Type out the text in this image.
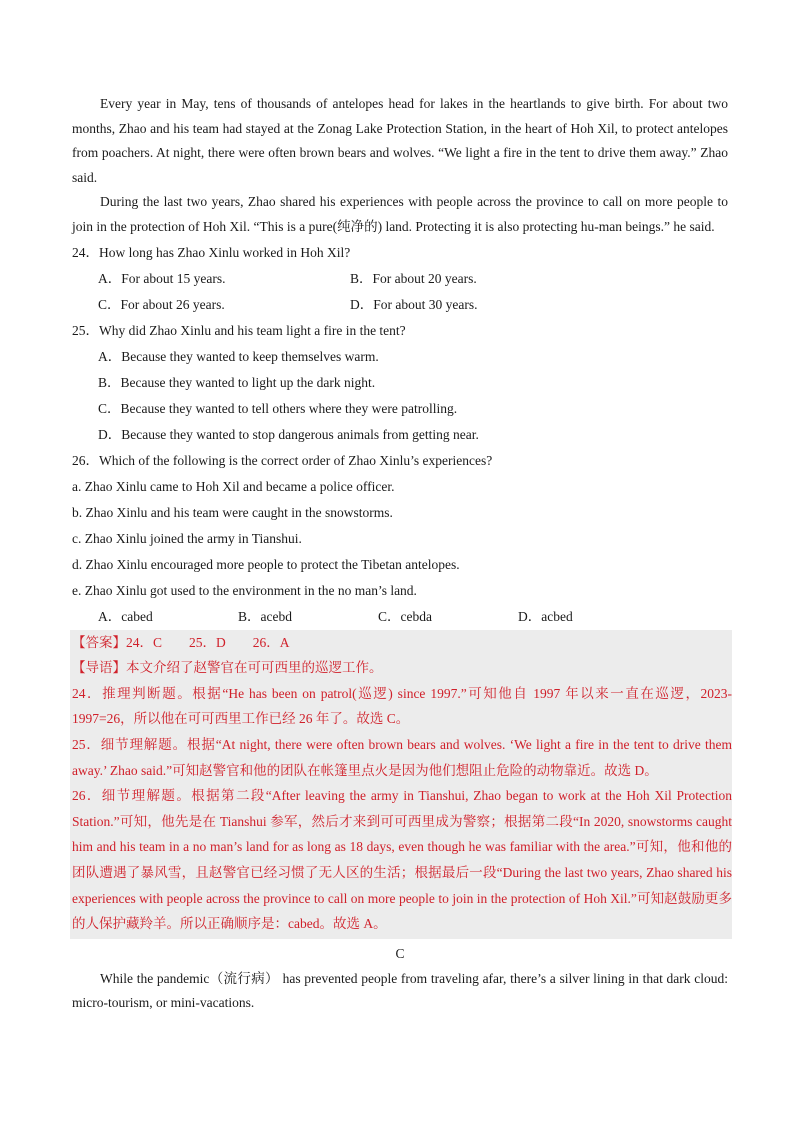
Every year in May, tens of thousands of antelopes head for lakes in the heartlands to give birth. For about two months, Zhao and his team had stayed at the Zonag Lake Protection Station, in the heart of Hoh Xil, to protect antelopes from poachers. At night, there were often brown bears and wolves. “We light a fire in the tent to drive them away.” Zhao said.

During the last two years, Zhao shared his experiences with people across the province to call on more people to join in the protection of Hoh Xil. “This is a pure(纯净的) land. Protecting it is also protecting hu-man beings.” he said.

24．How long has Zhao Xinlu worked in Hoh Xil?

A．For about 15 years.	B．For about 20 years.
C．For about 26 years.	D．For about 30 years.

25．Why did Zhao Xinlu and his team light a fire in the tent?

A．Because they wanted to keep themselves warm.
B．Because they wanted to light up the dark night.
C．Because they wanted to tell others where they were patrolling.
D．Because they wanted to stop dangerous animals from getting near.

26．Which of the following is the correct order of Zhao Xinlu’s experiences?

a. Zhao Xinlu came to Hoh Xil and became a police officer.

b. Zhao Xinlu and his team were caught in the snowstorms.

c. Zhao Xinlu joined the army in Tianshui.

d. Zhao Xinlu encouraged more people to protect the Tibetan antelopes.

e. Zhao Xinlu got used to the environment in the no man’s land.

A．cabed	B．acebd	C．cebda	D．acbed

【答案】24．C　　25．D　　26．A

【导语】本文介绍了赵警官在可可西里的巡逻工作。

24．推理判断题。根据“He has been on patrol(巡逻) since 1997.”可知他自 1997 年以来一直在巡逻，2023-1997=26，所以他在可可西里工作已经 26 年了。故选 C。

25．细节理解题。根据“At night, there were often brown bears and wolves. ‘We light a fire in the tent to drive them away.’ Zhao said.”可知赵警官和他的团队在帐篷里点火是因为他们想阻止危险的动物靠近。故选 D。

26．细节理解题。根据第二段“After leaving the army in Tianshui, Zhao began to work at the Hoh Xil Protection Station.”可知，他先是在 Tianshui 参军，然后才来到可可西里成为警察；根据第二段“In 2020, snowstorms caught him and his team in a no man’s land for as long as 18 days, even though he was familiar with the area.”可知，他和他的团队遭遇了暴风雪，且赵警官已经习惯了无人区的生活；根据最后一段“During the last two years, Zhao shared his experiences with people across the province to call on more people to join in the protection of Hoh Xil.”可知赵鼓励更多的人保护藏羚羊。所以正确顺序是：cabed。故选 A。

C

While the pandemic（流行病） has prevented people from traveling afar, there’s a silver lining in that dark cloud: micro-tourism, or mini-vacations.
